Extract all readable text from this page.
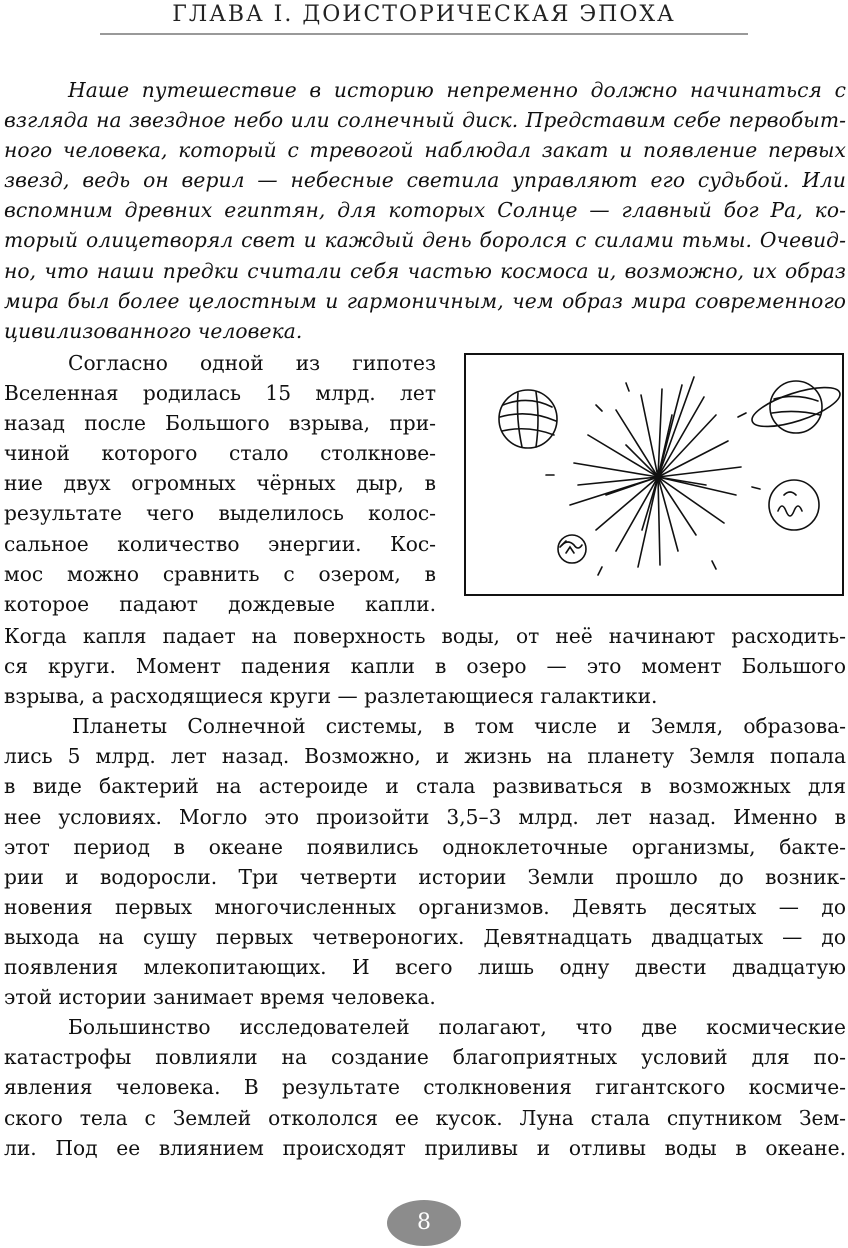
ГЛАВА I. ДОИСТОРИЧЕСКАЯ ЭПОХА
Наше путешествие в историю непременно должно начинаться с
взгляда на звездное небо или солнечный диск. Представим себе первобыт-
ного человека, который с тревогой наблюдал закат и появление первых
звезд, ведь он верил — небесные светила управляют его судьбой. Или
вспомним древних египтян, для которых Солнце — главный бог Ра, ко-
торый олицетворял свет и каждый день боролся с силами тьмы. Очевид-
но, что наши предки считали себя частью космоса и, возможно, их образ
мира был более целостным и гармоничным, чем образ мира современного
цивилизованного человека.
Согласно одной из гипотез
Вселенная родилась 15 млрд. лет
назад после Большого взрыва, при-
чиной которого стало столкнове-
ние двух огромных чёрных дыр, в
результате чего выделилось колос-
сальное количество энергии. Кос-
мос можно сравнить с озером, в
которое падают дождевые капли.
Когда капля падает на поверхность воды, от неё начинают расходить-
ся круги. Момент падения капли в озеро — это момент Большого
взрыва, а расходящиеся круги — разлетающиеся галактики.
Планеты Солнечной системы, в том числе и Земля, образова-
лись 5 млрд. лет назад. Возможно, и жизнь на планету Земля попала
в виде бактерий на астероиде и стала развиваться в возможных для
нее условиях. Могло это произойти 3,5–3 млрд. лет назад. Именно в
этот период в океане появились одноклеточные организмы, бакте-
рии и водоросли. Три четверти истории Земли прошло до возник-
новения первых многочисленных организмов. Девять десятых — до
выхода на сушу первых четвероногих. Девятнадцать двадцатых — до
появления млекопитающих. И всего лишь одну двести двадцатую
этой истории занимает время человека.
Большинство исследователей полагают, что две космические
катастрофы повлияли на создание благоприятных условий для по-
явления человека. В результате столкновения гигантского космиче-
ского тела с Землей откололся ее кусок. Луна стала спутником Зем-
ли. Под ее влиянием происходят приливы и отливы воды в океане.
8
